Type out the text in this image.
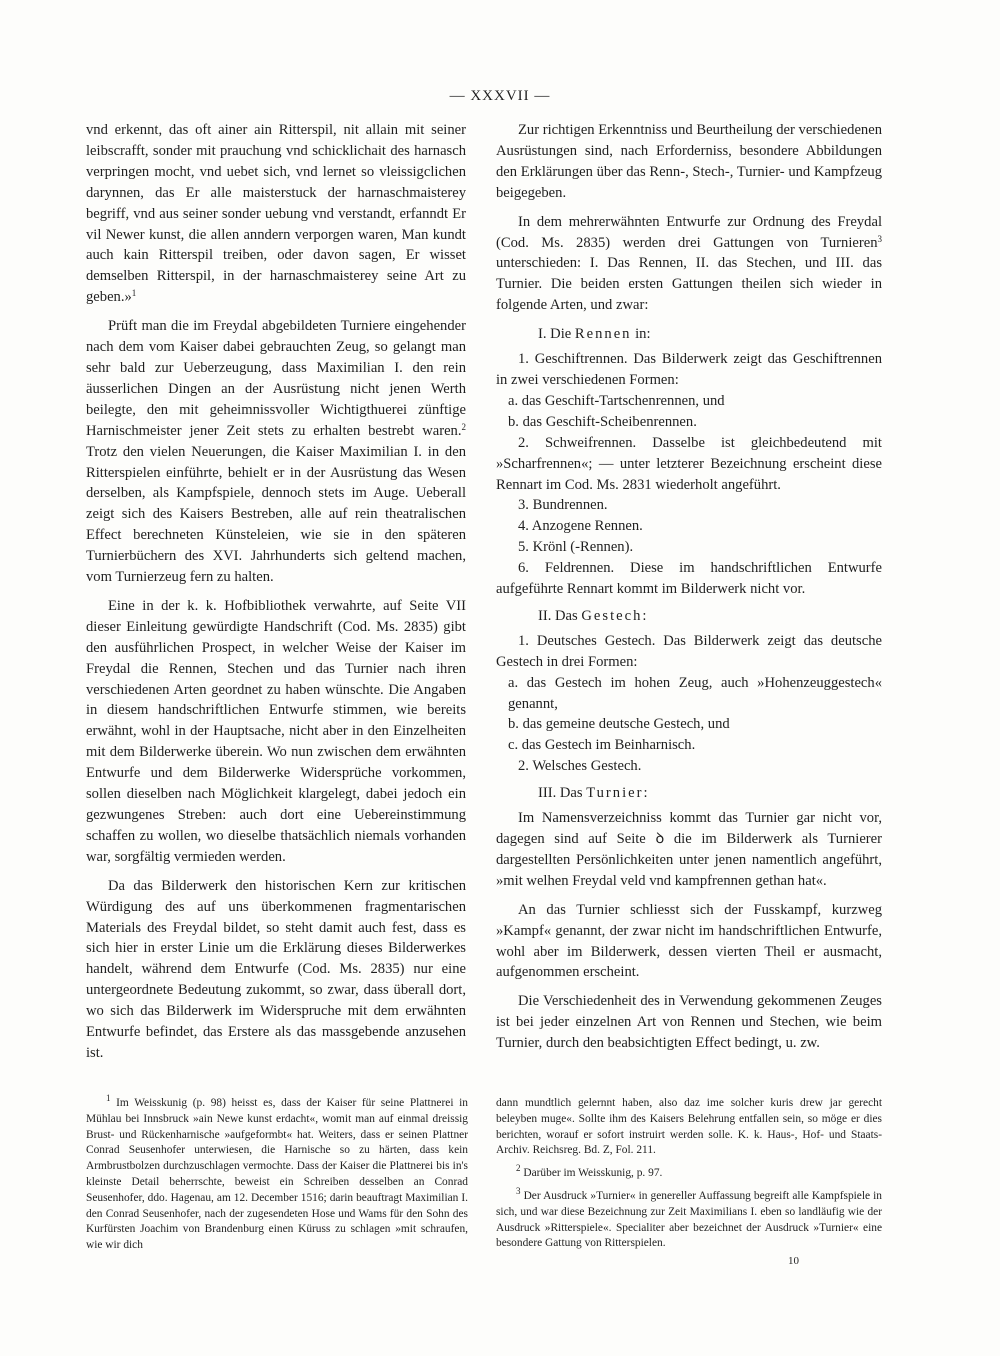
— XXXVII —

vnd erkennt, das oft ainer ain Ritterspil, nit allain mit seiner leibscrafft, sonder mit prauchung vnd schicklichait des harnasch verpringen mocht, vnd uebet sich, vnd lernet so vleissigclichen darynnen, das Er alle maisterstuck der harnaschmaisterey begriff, vnd aus seiner sonder uebung vnd verstandt, erfanndt Er vil Newer kunst, die allen anndern verporgen waren, Man kundt auch kain Ritterspil treiben, oder davon sagen, Er wisset demselben Ritterspil, in der harnaschmaisterey seine Art zu geben.»$^1$

Prüft man die im Freydal abgebildeten Turniere eingehender nach dem vom Kaiser dabei gebrauchten Zeug, so gelangt man sehr bald zur Ueberzeugung, dass Maximilian I. den rein äusserlichen Dingen an der Ausrüstung nicht jenen Werth beilegte, den mit geheimnissvoller Wichtigthuerei zünftige Harnischmeister jener Zeit stets zu erhalten bestrebt waren.$^2$ Trotz den vielen Neuerungen, die Kaiser Maximilian I. in den Ritterspielen einführte, behielt er in der Ausrüstung das Wesen derselben, als Kampfspiele, dennoch stets im Auge. Ueberall zeigt sich des Kaisers Bestreben, alle auf rein theatralischen Effect berechneten Künsteleien, wie sie in den späteren Turnierbüchern des XVI. Jahrhunderts sich geltend machen, vom Turnierzeug fern zu halten.

Eine in der k. k. Hofbibliothek verwahrte, auf Seite VII dieser Einleitung gewürdigte Handschrift (Cod. Ms. 2835) gibt den ausführlichen Prospect, in welcher Weise der Kaiser im Freydal die Rennen, Stechen und das Turnier nach ihren verschiedenen Arten geordnet zu haben wünschte. Die Angaben in diesem handschriftlichen Entwurfe stimmen, wie bereits erwähnt, wohl in der Hauptsache, nicht aber in den Einzelheiten mit dem Bilderwerke überein. Wo nun zwischen dem erwähnten Entwurfe und dem Bilderwerke Widersprüche vorkommen, sollen dieselben nach Möglichkeit klargelegt, dabei jedoch ein gezwungenes Streben: auch dort eine Uebereinstimmung schaffen zu wollen, wo dieselbe thatsächlich niemals vorhanden war, sorgfältig vermieden werden.

Da das Bilderwerk den historischen Kern zur kritischen Würdigung des auf uns überkommenen fragmentarischen Materials des Freydal bildet, so steht damit auch fest, dass es sich hier in erster Linie um die Erklärung dieses Bilderwerkes handelt, während dem Entwurfe (Cod. Ms. 2835) nur eine untergeordnete Bedeutung zukommt, so zwar, dass überall dort, wo sich das Bilderwerk im Widerspruche mit dem erwähnten Entwurfe befindet, das Erstere als das massgebende anzusehen ist.

Zur richtigen Erkenntniss und Beurtheilung der verschiedenen Ausrüstungen sind, nach Erforderniss, besondere Abbildungen den Erklärungen über das Renn-, Stech-, Turnier- und Kampfzeug beigegeben.

In dem mehrerwähnten Entwurfe zur Ordnung des Freydal (Cod. Ms. 2835) werden drei Gattungen von Turnieren$^3$ unterschieden: I. Das Rennen, II. das Stechen, und III. das Turnier. Die beiden ersten Gattungen theilen sich wieder in folgende Arten, und zwar:

I. Die Rennen in:

1. Geschiftrennen. Das Bilderwerk zeigt das Geschiftrennen in zwei verschiedenen Formen:

a. das Geschift-Tartschenrennen, und

b. das Geschift-Scheibenrennen.

2. Schweifrennen. Dasselbe ist gleichbedeutend mit »Scharfrennen«; — unter letzterer Bezeichnung erscheint diese Rennart im Cod. Ms. 2831 wiederholt angeführt.

3. Bundrennen.

4. Anzogene Rennen.

5. Krönl (-Rennen).

6. Feldrennen. Diese im handschriftlichen Entwurfe aufgeführte Rennart kommt im Bilderwerk nicht vor.

II. Das Gestech:

1. Deutsches Gestech. Das Bilderwerk zeigt das deutsche Gestech in drei Formen:

a. das Gestech im hohen Zeug, auch »Hohenzeuggestech« genannt,

b. das gemeine deutsche Gestech, und

c. das Gestech im Beinharnisch.

2. Welsches Gestech.

III. Das Turnier:

Im Namensverzeichniss kommt das Turnier gar nicht vor, dagegen sind auf Seite ꝺ die im Bilderwerk als Turnierer dargestellten Persönlichkeiten unter jenen namentlich angeführt, »mit welhen Freydal veld vnd kampfrennen gethan hat«.

An das Turnier schliesst sich der Fusskampf, kurzweg »Kampf« genannt, der zwar nicht im handschriftlichen Entwurfe, wohl aber im Bilderwerk, dessen vierten Theil er ausmacht, aufgenommen erscheint.

Die Verschiedenheit des in Verwendung gekommenen Zeuges ist bei jeder einzelnen Art von Rennen und Stechen, wie beim Turnier, durch den beabsichtigten Effect bedingt, u. zw.

$^1$ Im Weisskunig (p. 98) heisst es, dass der Kaiser für seine Plattnerei in Mühlau bei Innsbruck »ain Newe kunst erdacht«, womit man auf einmal dreissig Brust- und Rückenharnische »aufgeformbt« hat. Weiters, dass er seinen Plattner Conrad Seusenhofer unterwiesen, die Harnische so zu härten, dass kein Armbrustbolzen durchzuschlagen vermochte. Dass der Kaiser die Plattnerei bis in's kleinste Detail beherrschte, beweist ein Schreiben desselben an Conrad Seusenhofer, ddo. Hagenau, am 12. December 1516; darin beauftragt Maximilian I. den Conrad Seusenhofer, nach der zugesendeten Hose und Wams für den Sohn des Kurfürsten Joachim von Brandenburg einen Küruss zu schlagen »mit schraufen, wie wir dich

dann mundtlich gelernnt haben, also daz ime solcher kuris drew jar gerecht beleyben muge«. Sollte ihm des Kaisers Belehrung entfallen sein, so möge er dies berichten, worauf er sofort instruirt werden solle. K. k. Haus-, Hof- und Staats-Archiv. Reichsreg. Bd. Z, Fol. 211.

$^2$ Darüber im Weisskunig, p. 97.

$^3$ Der Ausdruck »Turnier« in genereller Auffassung begreift alle Kampfspiele in sich, und war diese Bezeichnung zur Zeit Maximilians I. eben so landläufig wie der Ausdruck »Ritterspiele«. Specialiter aber bezeichnet der Ausdruck »Turnier« eine besondere Gattung von Ritterspielen.

10
